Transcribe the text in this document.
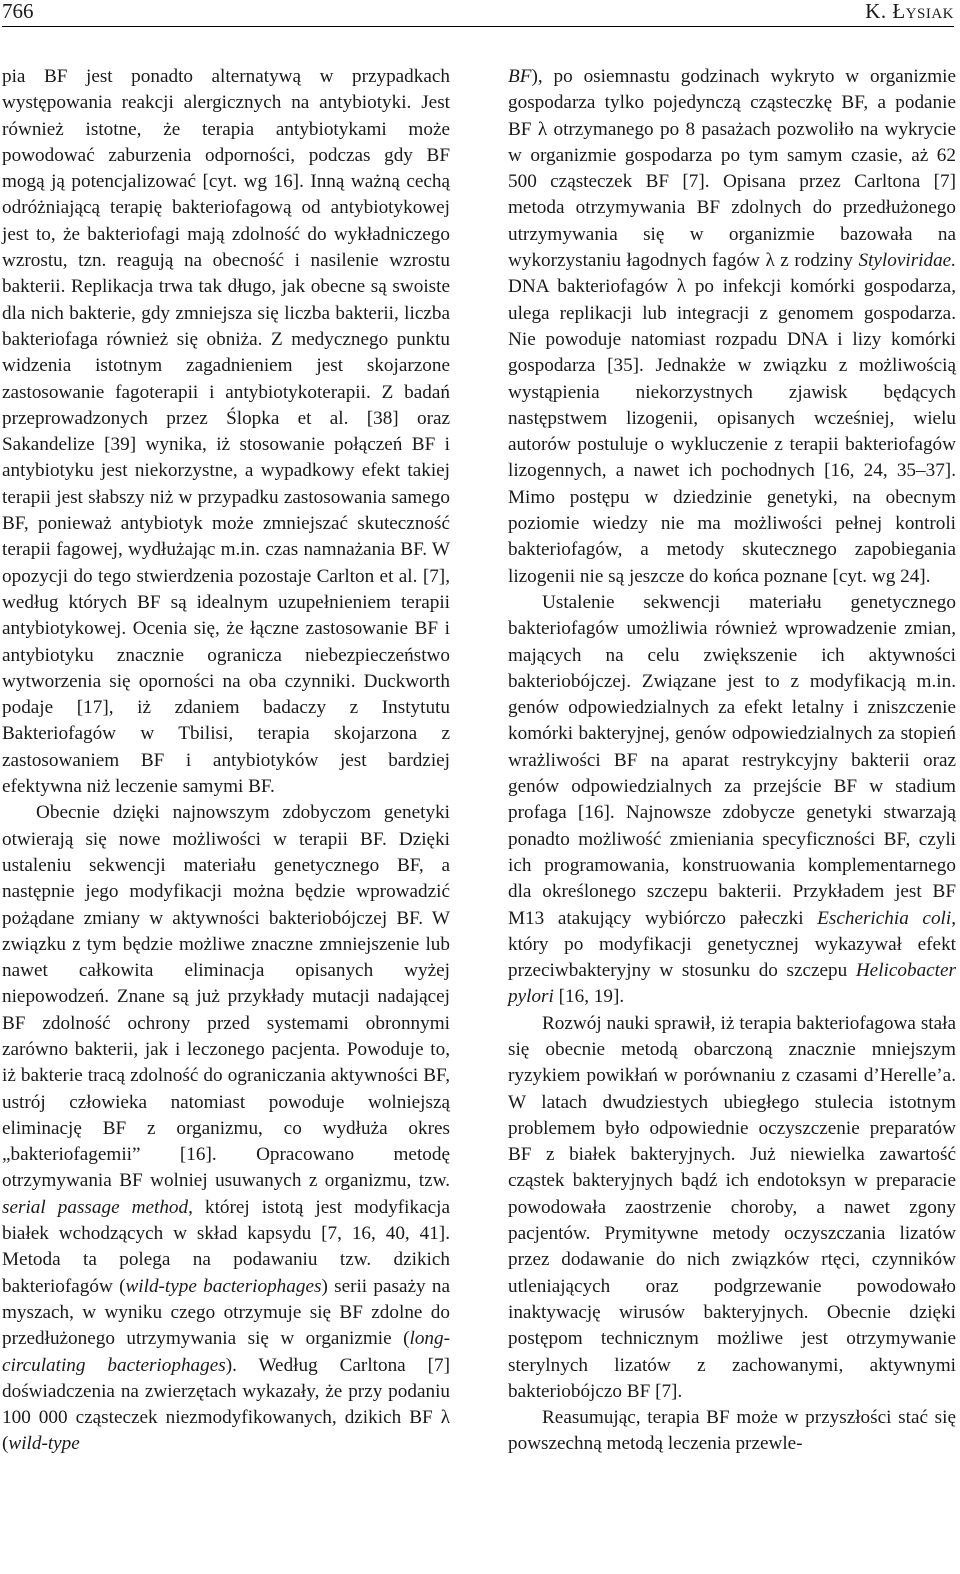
766	K. Łysiak

pia BF jest ponadto alternatywą w przypadkach występowania reakcji alergicznych na antybiotyki. Jest również istotne, że terapia antybiotykami może powodować zaburzenia odporności, podczas gdy BF mogą ją potencjalizować [cyt. wg 16]. Inną ważną cechą odróżniającą terapię bakteriofagową od antybiotykowej jest to, że bakteriofagi mają zdolność do wykładniczego wzrostu, tzn. reagują na obecność i nasilenie wzrostu bakterii. Replikacja trwa tak długo, jak obecne są swoiste dla nich bakterie, gdy zmniejsza się liczba bakterii, liczba bakteriofaga również się obniża. Z medycznego punktu widzenia istotnym zagadnieniem jest skojarzone zastosowanie fagoterapii i antybiotykoterapii. Z badań przeprowadzonych przez Ślopka et al. [38] oraz Sakandelize [39] wynika, iż stosowanie połączeń BF i antybiotyku jest niekorzystne, a wypadkowy efekt takiej terapii jest słabszy niż w przypadku zastosowania samego BF, ponieważ antybiotyk może zmniejszać skuteczność terapii fagowej, wydłużając m.in. czas namnażania BF. W opozycji do tego stwierdzenia pozostaje Carlton et al. [7], według których BF są idealnym uzupełnieniem terapii antybiotykowej. Ocenia się, że łączne zastosowanie BF i antybiotyku znacznie ogranicza niebezpieczeństwo wytworzenia się oporności na oba czynniki. Duckworth podaje [17], iż zdaniem badaczy z Instytutu Bakteriofagów w Tbilisi, terapia skojarzona z zastosowaniem BF i antybiotyków jest bardziej efektywna niż leczenie samymi BF.

Obecnie dzięki najnowszym zdobyczom genetyki otwierają się nowe możliwości w terapii BF. Dzięki ustaleniu sekwencji materiału genetycznego BF, a następnie jego modyfikacji można będzie wprowadzić pożądane zmiany w aktywności bakteriobójczej BF. W związku z tym będzie możliwe znaczne zmniejszenie lub nawet całkowita eliminacja opisanych wyżej niepowodzeń. Znane są już przykłady mutacji nadającej BF zdolność ochrony przed systemami obronnymi zarówno bakterii, jak i leczonego pacjenta. Powoduje to, iż bakterie tracą zdolność do ograniczania aktywności BF, ustrój człowieka natomiast powoduje wolniejszą eliminację BF z organizmu, co wydłuża okres „bakteriofagemii” [16]. Opracowano metodę otrzymywania BF wolniej usuwanych z organizmu, tzw. serial passage method, której istotą jest modyfikacja białek wchodzących w skład kapsydu [7, 16, 40, 41]. Metoda ta polega na podawaniu tzw. dzikich bakteriofagów (wild-type bacteriophages) serii pasaży na myszach, w wyniku czego otrzymuje się BF zdolne do przedłużonego utrzymywania się w organizmie (long-circulating bacteriophages). Według Carltona [7] doświadczenia na zwierzętach wykazały, że przy podaniu 100 000 cząsteczek niezmodyfikowanych, dzikich BF λ (wild-type

BF), po osiemnastu godzinach wykryto w organizmie gospodarza tylko pojedynczą cząsteczkę BF, a podanie BF λ otrzymanego po 8 pasażach pozwoliło na wykrycie w organizmie gospodarza po tym samym czasie, aż 62 500 cząsteczek BF [7]. Opisana przez Carltona [7] metoda otrzymywania BF zdolnych do przedłużonego utrzymywania się w organizmie bazowała na wykorzystaniu łagodnych fagów λ z rodziny Styloviridae. DNA bakteriofagów λ po infekcji komórki gospodarza, ulega replikacji lub integracji z genomem gospodarza. Nie powoduje natomiast rozpadu DNA i lizy komórki gospodarza [35]. Jednakże w związku z możliwością wystąpienia niekorzystnych zjawisk będących następstwem lizogenii, opisanych wcześniej, wielu autorów postuluje o wykluczenie z terapii bakteriofagów lizogennych, a nawet ich pochodnych [16, 24, 35–37]. Mimo postępu w dziedzinie genetyki, na obecnym poziomie wiedzy nie ma możliwości pełnej kontroli bakteriofagów, a metody skutecznego zapobiegania lizogenii nie są jeszcze do końca poznane [cyt. wg 24].

Ustalenie sekwencji materiału genetycznego bakteriofagów umożliwia również wprowadzenie zmian, mających na celu zwiększenie ich aktywności bakteriobójczej. Związane jest to z modyfikacją m.in. genów odpowiedzialnych za efekt letalny i zniszczenie komórki bakteryjnej, genów odpowiedzialnych za stopień wrażliwości BF na aparat restrykcyjny bakterii oraz genów odpowiedzialnych za przejście BF w stadium profaga [16]. Najnowsze zdobycze genetyki stwarzają ponadto możliwość zmieniania specyficzności BF, czyli ich programowania, konstruowania komplementarnego dla określonego szczepu bakterii. Przykładem jest BF M13 atakujący wybiórczo pałeczki Escherichia coli, który po modyfikacji genetycznej wykazywał efekt przeciwbakteryjny w stosunku do szczepu Helicobacter pylori [16, 19].

Rozwój nauki sprawił, iż terapia bakteriofagowa stała się obecnie metodą obarczoną znacznie mniejszym ryzykiem powikłań w porównaniu z czasami d’Herelle’a. W latach dwudziestych ubiegłego stulecia istotnym problemem było odpowiednie oczyszczenie preparatów BF z białek bakteryjnych. Już niewielka zawartość cząstek bakteryjnych bądź ich endotoksyn w preparacie powodowała zaostrzenie choroby, a nawet zgony pacjentów. Prymitywne metody oczyszczania lizatów przez dodawanie do nich związków rtęci, czynników utleniających oraz podgrzewanie powodowało inaktywację wirusów bakteryjnych. Obecnie dzięki postępom technicznym możliwe jest otrzymywanie sterylnych lizatów z zachowanymi, aktywnymi bakteriobójczo BF [7].

Reasumując, terapia BF może w przyszłości stać się powszechną metodą leczenia przewle-
